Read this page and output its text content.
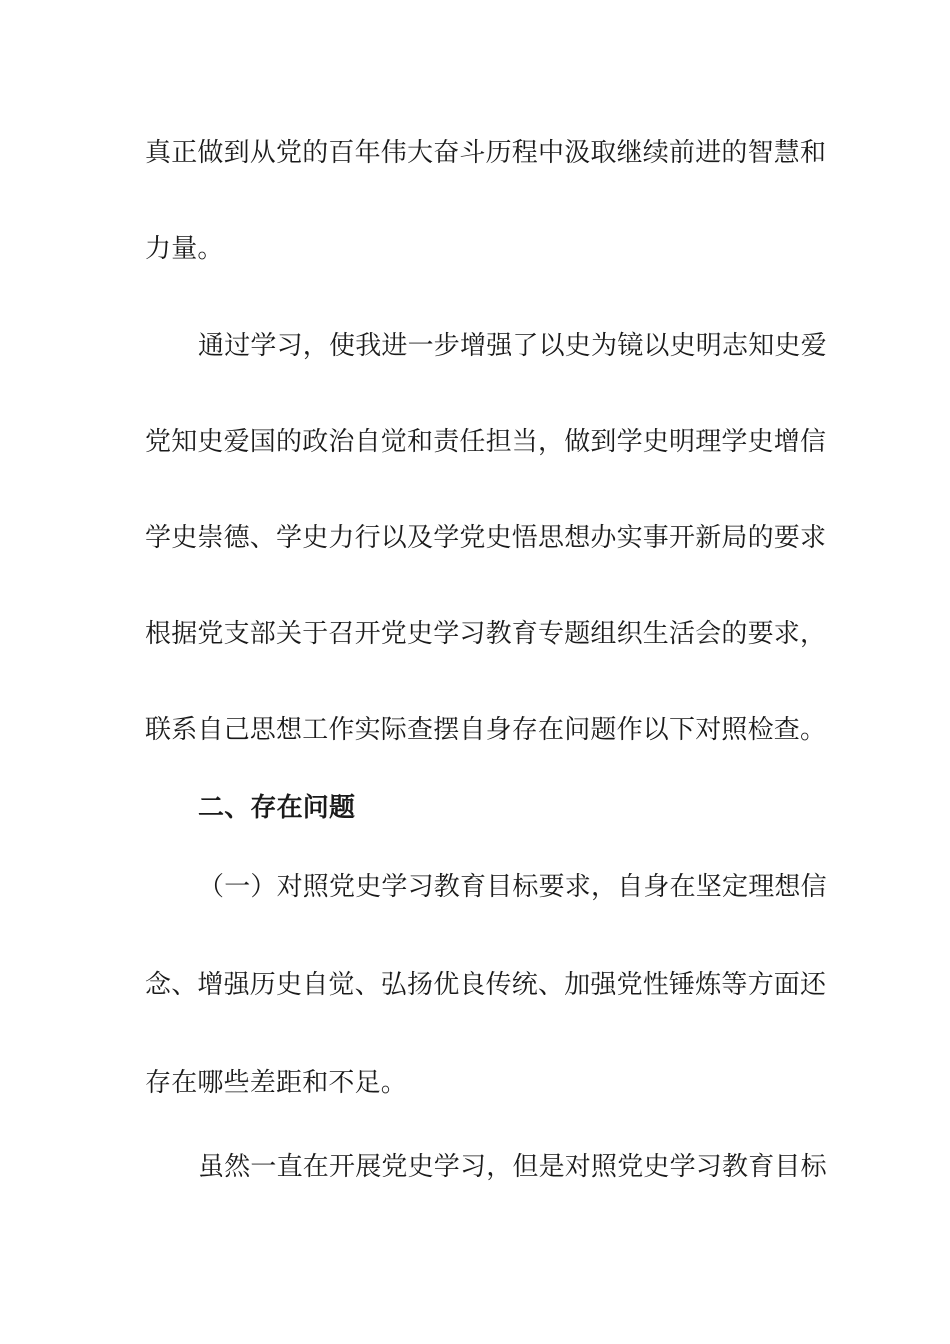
真正做到从党的百年伟大奋斗历程中汲取继续前进的智慧和
力量。
通过学习，使我进一步增强了以史为镜以史明志知史爱
党知史爱国的政治自觉和责任担当，做到学史明理学史增信
学史崇德、学史力行以及学党史悟思想办实事开新局的要求
根据党支部关于召开党史学习教育专题组织生活会的要求，
联系自己思想工作实际查摆自身存在问题作以下对照检查。
二、存在问题
（一）对照党史学习教育目标要求，自身在坚定理想信
念、增强历史自觉、弘扬优良传统、加强党性锤炼等方面还
存在哪些差距和不足。
虽然一直在开展党史学习，但是对照党史学习教育目标
